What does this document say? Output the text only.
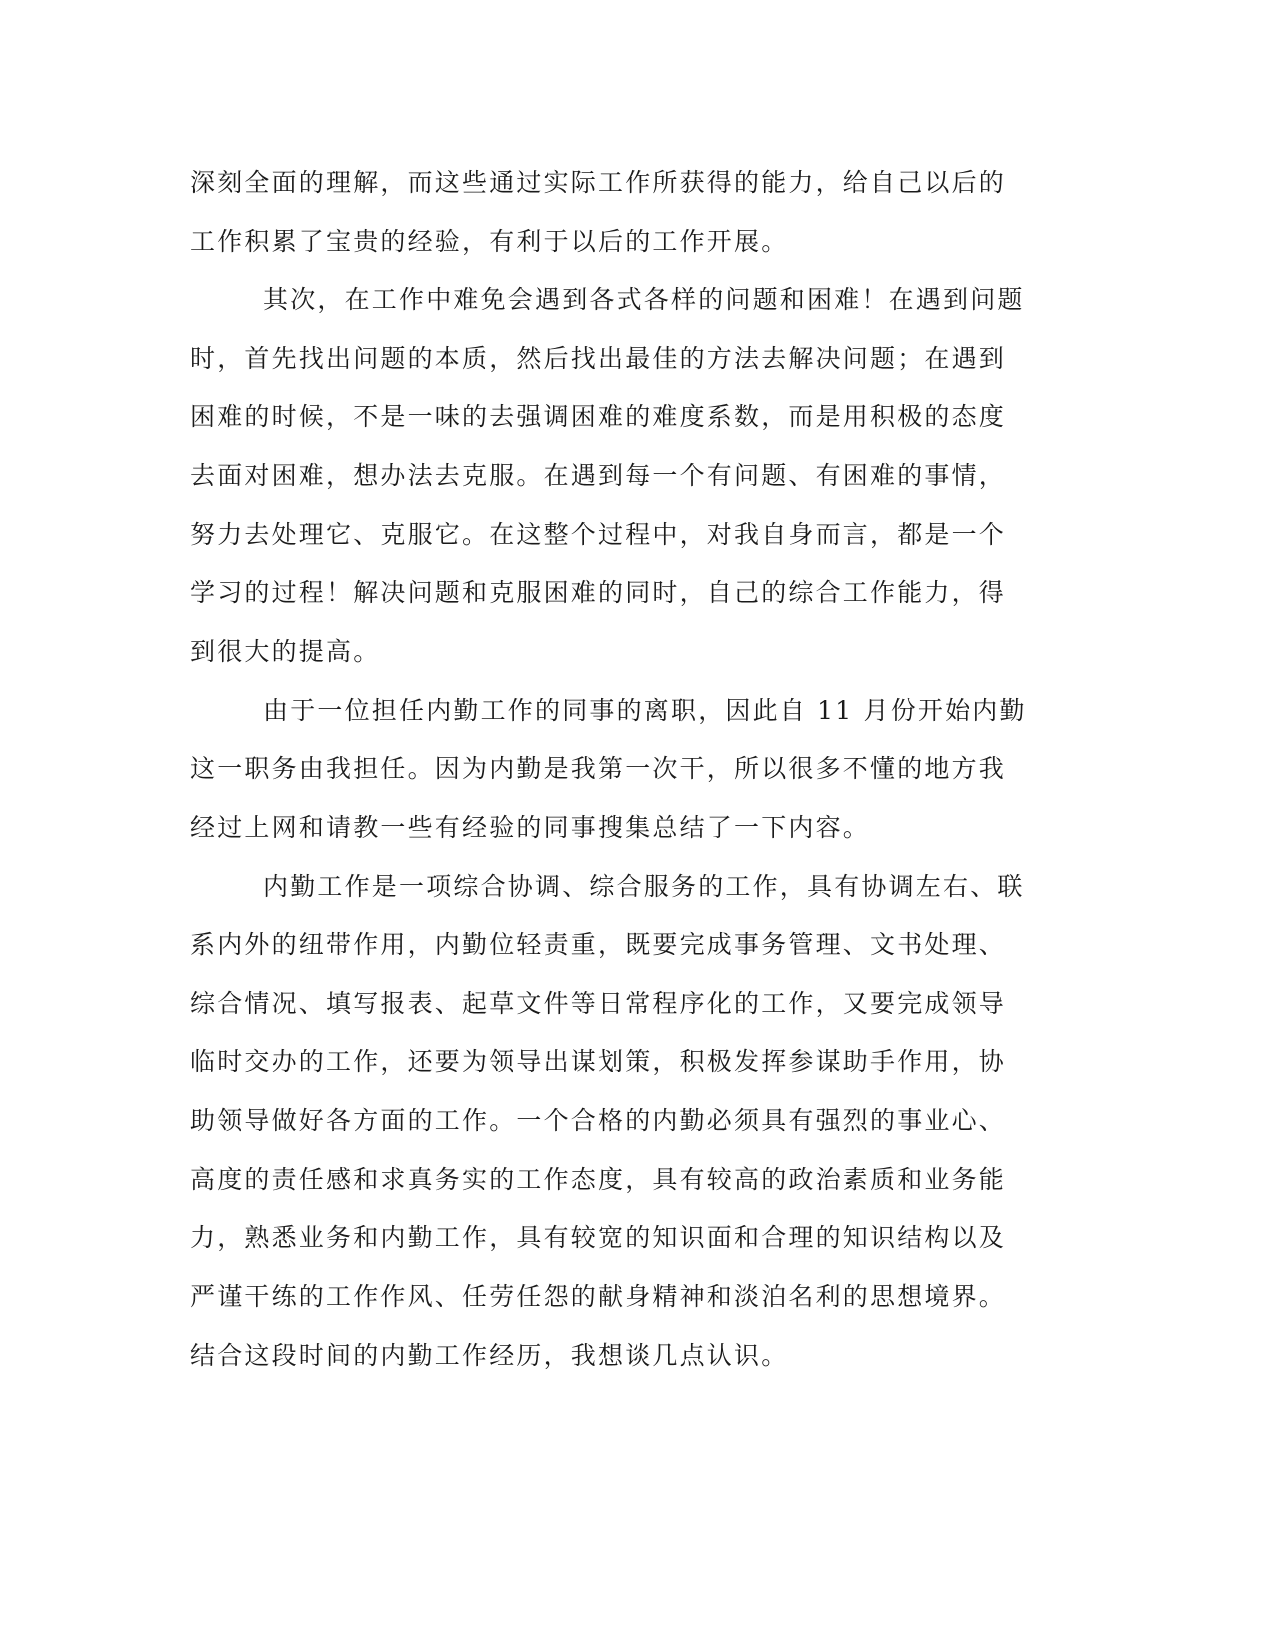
深刻全面的理解，而这些通过实际工作所获得的能力，给自己以后的
工作积累了宝贵的经验，有利于以后的工作开展。
其次，在工作中难免会遇到各式各样的问题和困难！在遇到问题
时，首先找出问题的本质，然后找出最佳的方法去解决问题；在遇到
困难的时候，不是一味的去强调困难的难度系数，而是用积极的态度
去面对困难，想办法去克服。在遇到每一个有问题、有困难的事情，
努力去处理它、克服它。在这整个过程中，对我自身而言，都是一个
学习的过程！解决问题和克服困难的同时，自己的综合工作能力，得
到很大的提高。
由于一位担任内勤工作的同事的离职，因此自 11 月份开始内勤
这一职务由我担任。因为内勤是我第一次干，所以很多不懂的地方我
经过上网和请教一些有经验的同事搜集总结了一下内容。
内勤工作是一项综合协调、综合服务的工作，具有协调左右、联
系内外的纽带作用，内勤位轻责重，既要完成事务管理、文书处理、
综合情况、填写报表、起草文件等日常程序化的工作，又要完成领导
临时交办的工作，还要为领导出谋划策，积极发挥参谋助手作用，协
助领导做好各方面的工作。一个合格的内勤必须具有强烈的事业心、
高度的责任感和求真务实的工作态度，具有较高的政治素质和业务能
力，熟悉业务和内勤工作，具有较宽的知识面和合理的知识结构以及
严谨干练的工作作风、任劳任怨的献身精神和淡泊名利的思想境界。
结合这段时间的内勤工作经历，我想谈几点认识。
